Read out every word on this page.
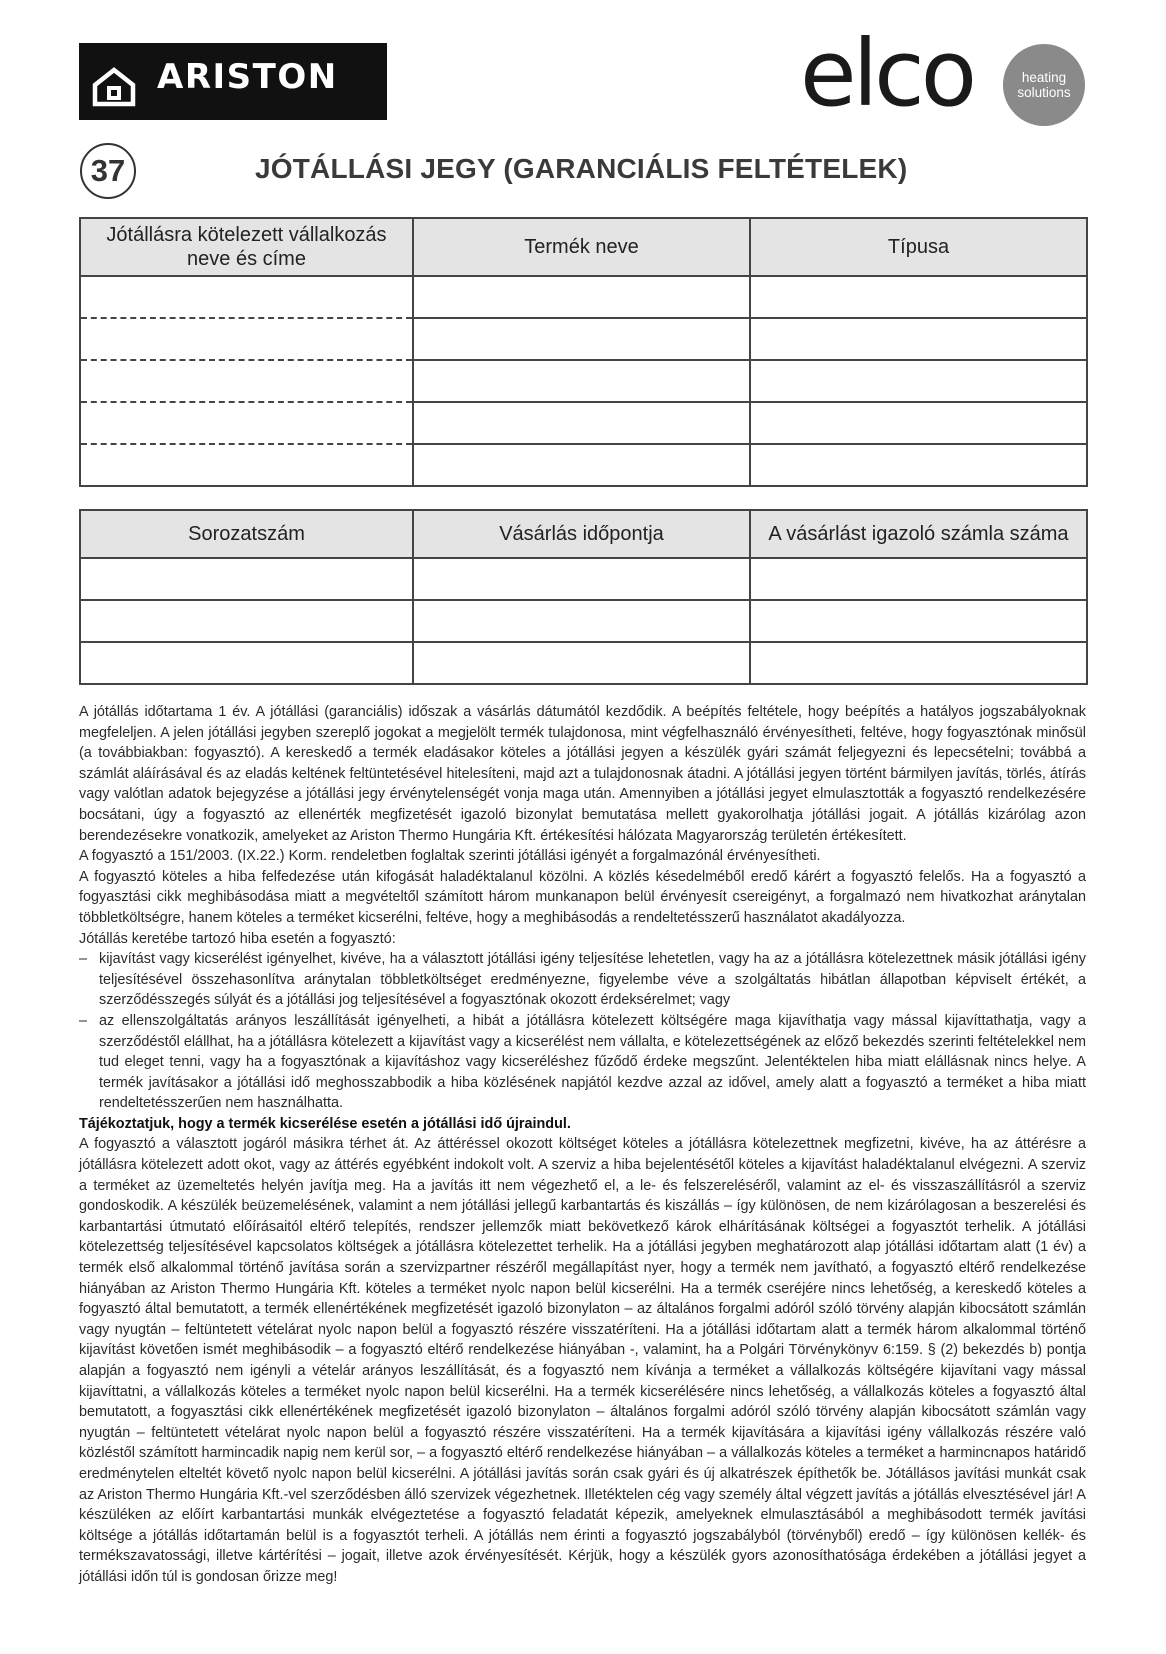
ARISTON	elco	heating
solutions
37	JÓTÁLLÁSI JEGY (GARANCIÁLIS FELTÉTELEK)
Jótállásra kötelezett vállalkozás neve és címe	Termék neve	Típusa

Sorozatszám	Vásárlás időpontja	A vásárlást igazoló számla száma

A jótállás időtartama 1 év. A jótállási (garanciális) időszak a vásárlás dátumától kezdődik. A beépítés feltétele, hogy beépítés a hatályos jogszabályoknak megfeleljen. A jelen jótállási jegyben szereplő jogokat a megjelölt termék tulajdonosa, mint végfelhasználó érvényesítheti, feltéve, hogy fogyasztónak minősül (a továbbiakban: fogyasztó). A kereskedő a termék eladásakor köteles a jótállási jegyen a készülék gyári számát feljegyezni és lepecsételni; továbbá a számlát aláírásával és az eladás keltének feltüntetésével hitelesíteni, majd azt a tulajdonosnak átadni. A jótállási jegyen történt bármilyen javítás, törlés, átírás vagy valótlan adatok bejegyzése a jótállási jegy érvénytelenségét vonja maga után. Amennyiben a jótállási jegyet elmulasztották a fogyasztó rendelkezésére bocsátani, úgy a fogyasztó az ellenérték megfizetését igazoló bizonylat bemutatása mellett gyakorolhatja jótállási jogait. A jótállás kizárólag azon berendezésekre vonatkozik, amelyeket az Ariston Thermo Hungária Kft. értékesítési hálózata Magyarország területén értékesített.

A fogyasztó a 151/2003. (IX.22.) Korm. rendeletben foglaltak szerinti jótállási igényét a forgalmazónál érvényesítheti.

A fogyasztó köteles a hiba felfedezése után kifogását haladéktalanul közölni. A közlés késedelméből eredő kárért a fogyasztó felelős. Ha a fogyasztó a fogyasztási cikk meghibásodása miatt a megvételtől számított három munkanapon belül érvényesít csereigényt, a forgalmazó nem hivatkozhat aránytalan többletköltségre, hanem köteles a terméket kicserélni, feltéve, hogy a meghibásodás a rendeltetésszerű használatot akadályozza.

Jótállás keretébe tartozó hiba esetén a fogyasztó:

– kijavítást vagy kicserélést igényelhet, kivéve, ha a választott jótállási igény teljesítése lehetetlen, vagy ha az a jótállásra kötelezettnek másik jótállási igény teljesítésével összehasonlítva aránytalan többletköltséget eredményezne, figyelembe véve a szolgáltatás hibátlan állapotban képviselt értékét, a szerződésszegés súlyát és a jótállási jog teljesítésével a fogyasztónak okozott érdeksérelmet; vagy
– az ellenszolgáltatás arányos leszállítását igényelheti, a hibát a jótállásra kötelezett költségére maga kijavíthatja vagy mással kijavíttathatja, vagy a szerződéstől elállhat, ha a jótállásra kötelezett a kijavítást vagy a kicserélést nem vállalta, e kötelezettségének az előző bekezdés szerinti feltételekkel nem tud eleget tenni, vagy ha a fogyasztónak a kijavításhoz vagy kicseréléshez fűződő érdeke megszűnt. Jelentéktelen hiba miatt elállásnak nincs helye. A termék javításakor a jótállási idő meghosszabbodik a hiba közlésének napjától kezdve azzal az idővel, amely alatt a fogyasztó a terméket a hiba miatt rendeltetésszerűen nem használhatta.

Tájékoztatjuk, hogy a termék kicserélése esetén a jótállási idő újraindul.

A fogyasztó a választott jogáról másikra térhet át. Az áttéréssel okozott költséget köteles a jótállásra kötelezettnek megfizetni, kivéve, ha az áttérésre a jótállásra kötelezett adott okot, vagy az áttérés egyébként indokolt volt. A szerviz a hiba bejelentésétől köteles a kijavítást haladéktalanul elvégezni. A szerviz a terméket az üzemeltetés helyén javítja meg. Ha a javítás itt nem végezhető el, a le- és felszereléséről, valamint az el- és visszaszállításról a szerviz gondoskodik. A készülék beüzemelésének, valamint a nem jótállási jellegű karbantartás és kiszállás – így különösen, de nem kizárólagosan a beszerelési és karbantartási útmutató előírásaitól eltérő telepítés, rendszer jellemzők miatt bekövetkező károk elhárításának költségei a fogyasztót terhelik. A jótállási kötelezettség teljesítésével kapcsolatos költségek a jótállásra kötelezettet terhelik. Ha a jótállási jegyben meghatározott alap jótállási időtartam alatt (1 év) a termék első alkalommal történő javítása során a szervizpartner részéről megállapítást nyer, hogy a termék nem javítható, a fogyasztó eltérő rendelkezése hiányában az Ariston Thermo Hungária Kft. köteles a terméket nyolc napon belül kicserélni. Ha a termék cseréjére nincs lehetőség, a kereskedő köteles a fogyasztó által bemutatott, a termék ellenértékének megfizetését igazoló bizonylaton – az általános forgalmi adóról szóló törvény alapján kibocsátott számlán vagy nyugtán – feltüntetett vételárat nyolc napon belül a fogyasztó részére visszatéríteni. Ha a jótállási időtartam alatt a termék három alkalommal történő kijavítást követően ismét meghibásodik – a fogyasztó eltérő rendelkezése hiányában -, valamint, ha a Polgári Törvénykönyv 6:159. § (2) bekezdés b) pontja alapján a fogyasztó nem igényli a vételár arányos leszállítását, és a fogyasztó nem kívánja a terméket a vállalkozás költségére kijavítani vagy mással kijavíttatni, a vállalkozás köteles a terméket nyolc napon belül kicserélni. Ha a termék kicserélésére nincs lehetőség, a vállalkozás köteles a fogyasztó által bemutatott, a fogyasztási cikk ellenértékének megfizetését igazoló bizonylaton – általános forgalmi adóról szóló törvény alapján kibocsátott számlán vagy nyugtán – feltüntetett vételárat nyolc napon belül a fogyasztó részére visszatéríteni. Ha a termék kijavítására a kijavítási igény vállalkozás részére való közléstől számított harmincadik napig nem kerül sor, – a fogyasztó eltérő rendelkezése hiányában – a vállalkozás köteles a terméket a harmincnapos határidő eredménytelen elteltét követő nyolc napon belül kicserélni. A jótállási javítás során csak gyári és új alkatrészek építhetők be. Jótállásos javítási munkát csak az Ariston Thermo Hungária Kft.-vel szerződésben álló szervizek végezhetnek. Illetéktelen cég vagy személy által végzett javítás a jótállás elvesztésével jár! A készüléken az előírt karbantartási munkák elvégeztetése a fogyasztó feladatát képezik, amelyeknek elmulasztásából a meghibásodott termék javítási költsége a jótállás időtartamán belül is a fogyasztót terheli. A jótállás nem érinti a fogyasztó jogszabályból (törvényből) eredő – így különösen kellék- és termékszavatossági, illetve kártérítési – jogait, illetve azok érvényesítését. Kérjük, hogy a készülék gyors azonosíthatósága érdekében a jótállási jegyet a jótállási időn túl is gondosan őrizze meg!
